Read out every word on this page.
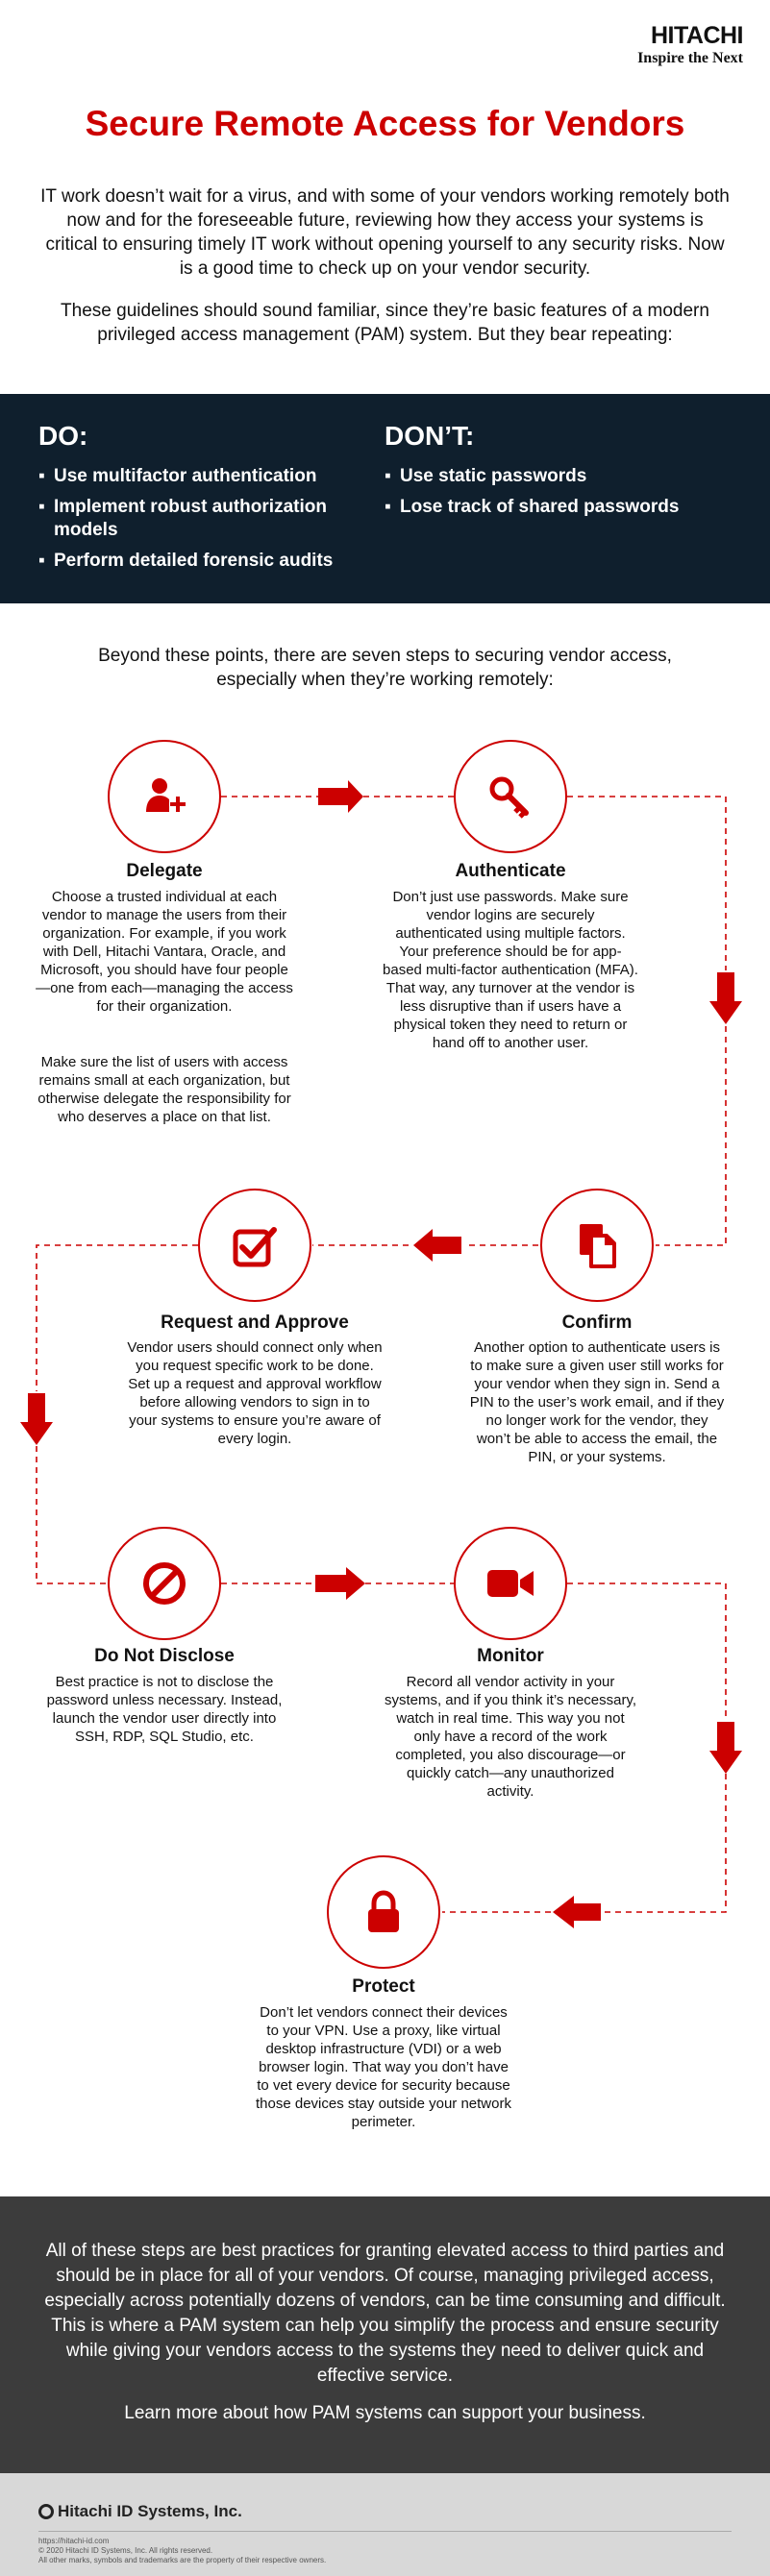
HITACHI
Inspire the Next
Secure Remote Access for Vendors

IT work doesn’t wait for a virus, and with some of your vendors working remotely both now and for the foreseeable future, reviewing how they access your systems is critical to ensuring timely IT work without opening yourself to any security risks. Now is a good time to check up on your vendor security.

These guidelines should sound familiar, since they’re basic features of a modern privileged access management (PAM) system. But they bear repeating:

DO:
▪ Use multifactor authentication
▪ Implement robust authorization models
▪ Perform detailed forensic audits
DON’T:
▪ Use static passwords
▪ Lose track of shared passwords

Beyond these points, there are seven steps to securing vendor access, especially when they’re working remotely:

Delegate

Choose a trusted individual at each vendor to manage the users from their organization. For example, if you work with Dell, Hitachi Vantara, Oracle, and Microsoft, you should have four people—one from each—managing the access for their organization.

Make sure the list of users with access remains small at each organization, but otherwise delegate the responsibility for who deserves a place on that list.

Authenticate

Don’t just use passwords. Make sure vendor logins are securely authenticated using multiple factors. Your preference should be for app-based multi-factor authentication (MFA). That way, any turnover at the vendor is less disruptive than if users have a physical token they need to return or hand off to another user.

Request and Approve

Vendor users should connect only when you request specific work to be done. Set up a request and approval workflow before allowing vendors to sign in to your systems to ensure you’re aware of every login.

Confirm

Another option to authenticate users is to make sure a given user still works for your vendor when they sign in. Send a PIN to the user’s work email, and if they no longer work for the vendor, they won’t be able to access the email, the PIN, or your systems.

Do Not Disclose

Best practice is not to disclose the password unless necessary. Instead, launch the vendor user directly into SSH, RDP, SQL Studio, etc.

Monitor

Record all vendor activity in your systems, and if you think it’s necessary, watch in real time. This way you not only have a record of the work completed, you also discourage—or quickly catch—any unauthorized activity.

Protect

Don’t let vendors connect their devices to your VPN. Use a proxy, like virtual desktop infrastructure (VDI) or a web browser login. That way you don’t have to vet every device for security because those devices stay outside your network perimeter.

All of these steps are best practices for granting elevated access to third parties and should be in place for all of your vendors. Of course, managing privileged access, especially across potentially dozens of vendors, can be time consuming and difficult. This is where a PAM system can help you simplify the process and ensure security while giving your vendors access to the systems they need to deliver quick and effective service.

Learn more about how PAM systems can support your business.

Hitachi ID Systems, Inc.
https://hitachi-id.com
© 2020 Hitachi ID Systems, Inc. All rights reserved.
All other marks, symbols and trademarks are the property of their respective owners.
